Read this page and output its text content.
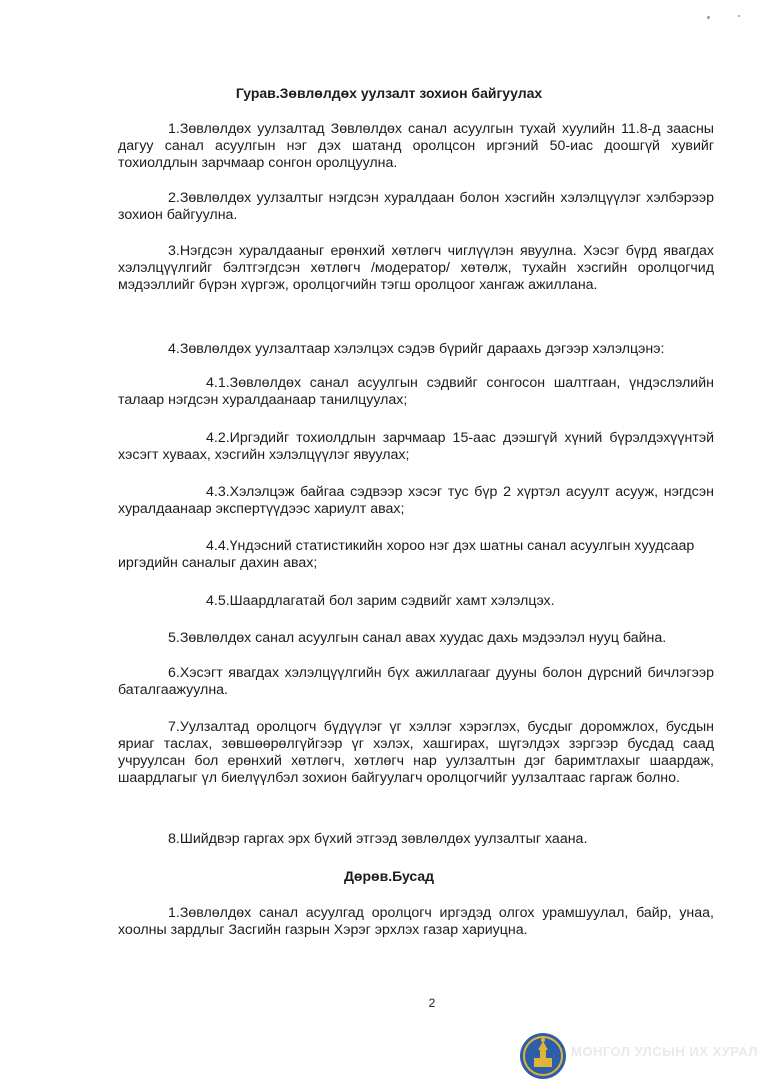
Гурав.Зөвлөлдөх уулзалт зохион байгуулах

1.Зөвлөлдөх уулзалтад Зөвлөлдөх санал асуулгын тухай хуулийн 11.8-д заасны дагуу санал асуулгын нэг дэх шатанд оролцсон иргэний 50-иас доошгүй хувийг тохиолдлын зарчмаар сонгон оролцуулна.

2.Зөвлөлдөх уулзалтыг нэгдсэн хуралдаан болон хэсгийн хэлэлцүүлэг хэлбэрээр зохион байгуулна.

3.Нэгдсэн хуралдааныг ерөнхий хөтлөгч чиглүүлэн явуулна. Хэсэг бүрд явагдах хэлэлцүүлгийг бэлтгэгдсэн хөтлөгч /модератор/ хөтөлж, тухайн хэсгийн оролцогчид мэдээллийг бүрэн хүргэж, оролцогчийн тэгш оролцоог хангаж ажиллана.

4.Зөвлөлдөх уулзалтаар хэлэлцэх сэдэв бүрийг дараахь дэгээр хэлэлцэнэ:

4.1.Зөвлөлдөх санал асуулгын сэдвийг сонгосон шалтгаан, үндэслэлийн талаар нэгдсэн хуралдаанаар танилцуулах;

4.2.Иргэдийг тохиолдлын зарчмаар 15-аас дээшгүй хүний бүрэлдэхүүнтэй хэсэгт хуваах, хэсгийн хэлэлцүүлэг явуулах;

4.3.Хэлэлцэж байгаа сэдвээр хэсэг тус бүр 2 хүртэл асуулт асууж, нэгдсэн хуралдаанаар экспертүүдээс хариулт авах;

4.4.Үндэсний статистикийн хороо нэг дэх шатны санал асуулгын хуудсаар иргэдийн саналыг дахин авах;

4.5.Шаардлагатай бол зарим сэдвийг хамт хэлэлцэх.

5.Зөвлөлдөх санал асуулгын санал авах хуудас дахь мэдээлэл нууц байна.

6.Хэсэгт явагдах хэлэлцүүлгийн бүх ажиллагааг дууны болон дүрсний бичлэгээр баталгаажуулна.

7.Уулзалтад оролцогч бүдүүлэг үг хэллэг хэрэглэх, бусдыг доромжлох, бусдын яриаг таслах, зөвшөөрөлгүйгээр үг хэлэх, хашгирах, шүгэлдэх зэргээр бусдад саад учруулсан бол ерөнхий хөтлөгч, хөтлөгч нар уулзалтын дэг баримтлахыг шаардаж, шаардлагыг үл биелүүлбэл зохион байгуулагч оролцогчийг уулзалтаас гаргаж болно.

8.Шийдвэр гаргах эрх бүхий этгээд зөвлөлдөх уулзалтыг хаана.

Дөрөв.Бусад

1.Зөвлөлдөх санал асуулгад оролцогч иргэдэд олгох урамшуулал, байр, унаа, хоолны зардлыг Засгийн газрын Хэрэг эрхлэх газар хариуцна.

2

МОНГОЛ УЛСЫН ИХ ХУРАЛ
